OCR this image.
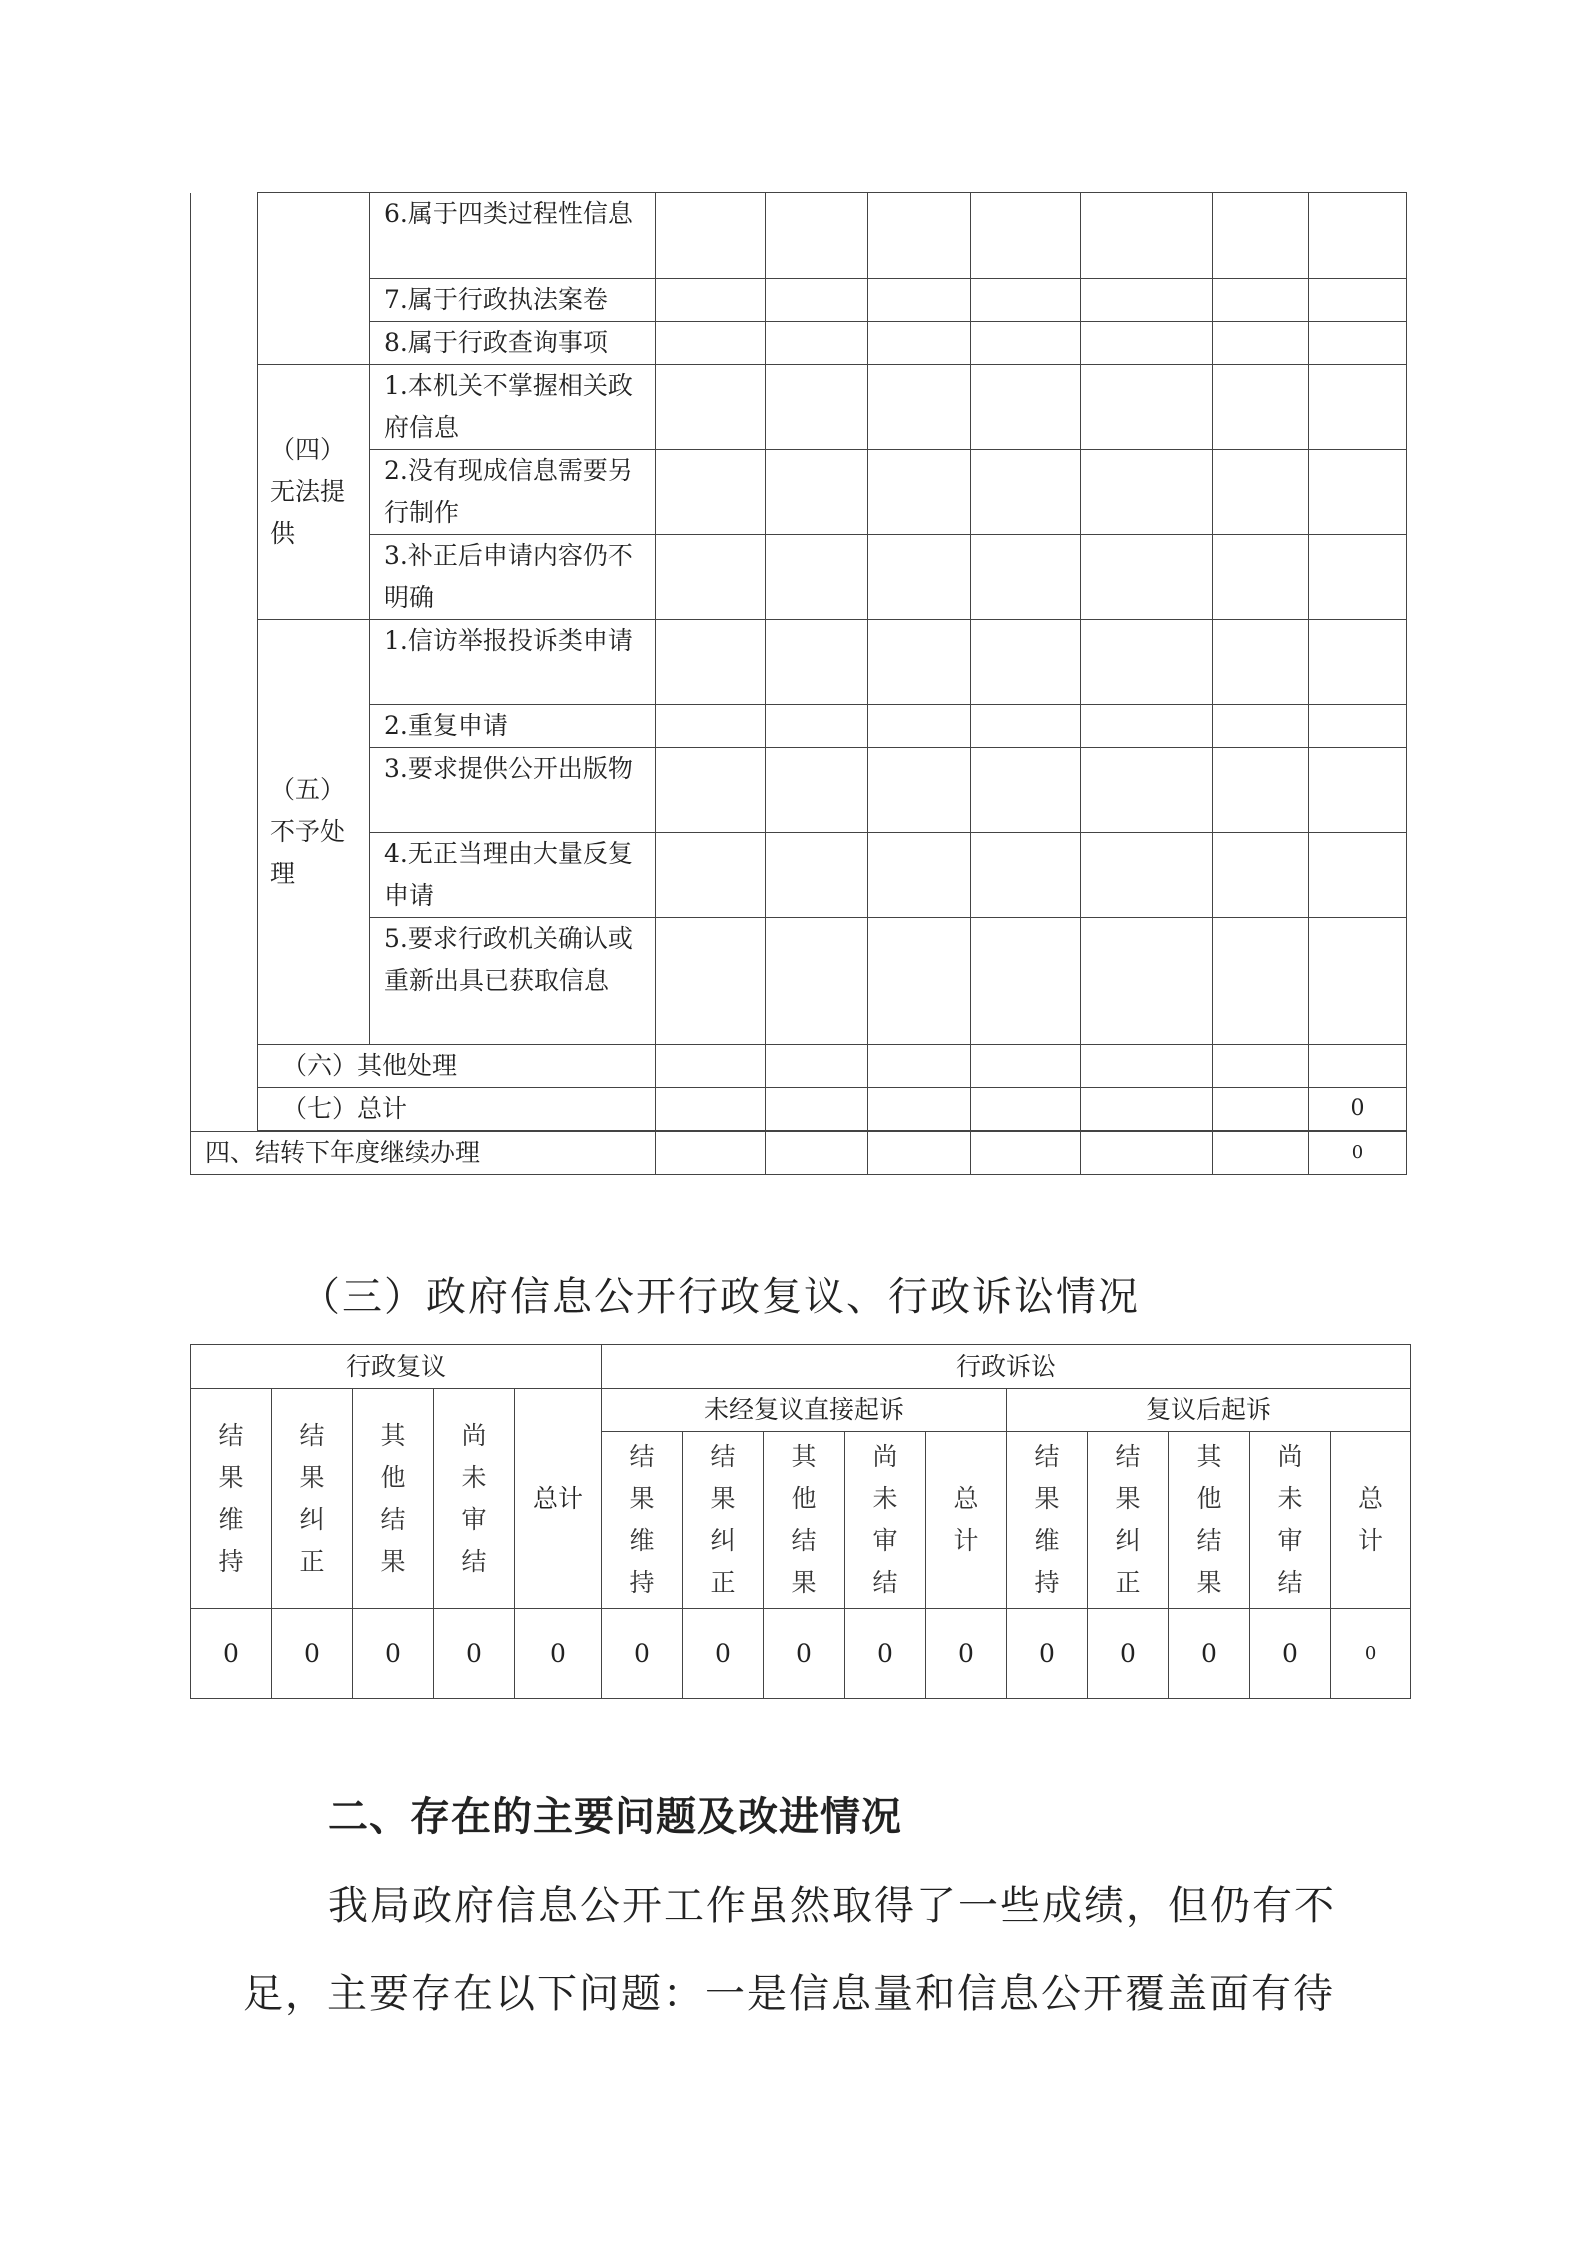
		6.属于四类过程性信息							
		7.属于行政执法案卷							
		8.属于行政查询事项							
	（四）无法提供	1.本机关不掌握相关政府信息							
		2.没有现成信息需要另行制作							
		3.补正后申请内容仍不明确							
	（五）不予处理	1.信访举报投诉类申请							
		2.重复申请							
		3.要求提供公开出版物							
		4.无正当理由大量反复申请							
		5.要求行政机关确认或重新出具已获取信息							
	（六）其他处理								
	（七）总计								0
四、结转下年度继续办理							0
（三）政府信息公开行政复议、行政诉讼情况
行政复议					行政诉讼									
结果维持	结果纠正	其他结果	尚未审结	总计	未经复议直接起诉					复议后起诉				
					结果维持	结果纠正	其他结果	尚未审结	总计	结果维持	结果纠正	其他结果	尚未审结	总计
0	0	0	0	0	0	0	0	0	0	0	0	0	0	0
二、存在的主要问题及改进情况
我局政府信息公开工作虽然取得了一些成绩，但仍有不足，主要存在以下问题：一是信息量和信息公开覆盖面有待
